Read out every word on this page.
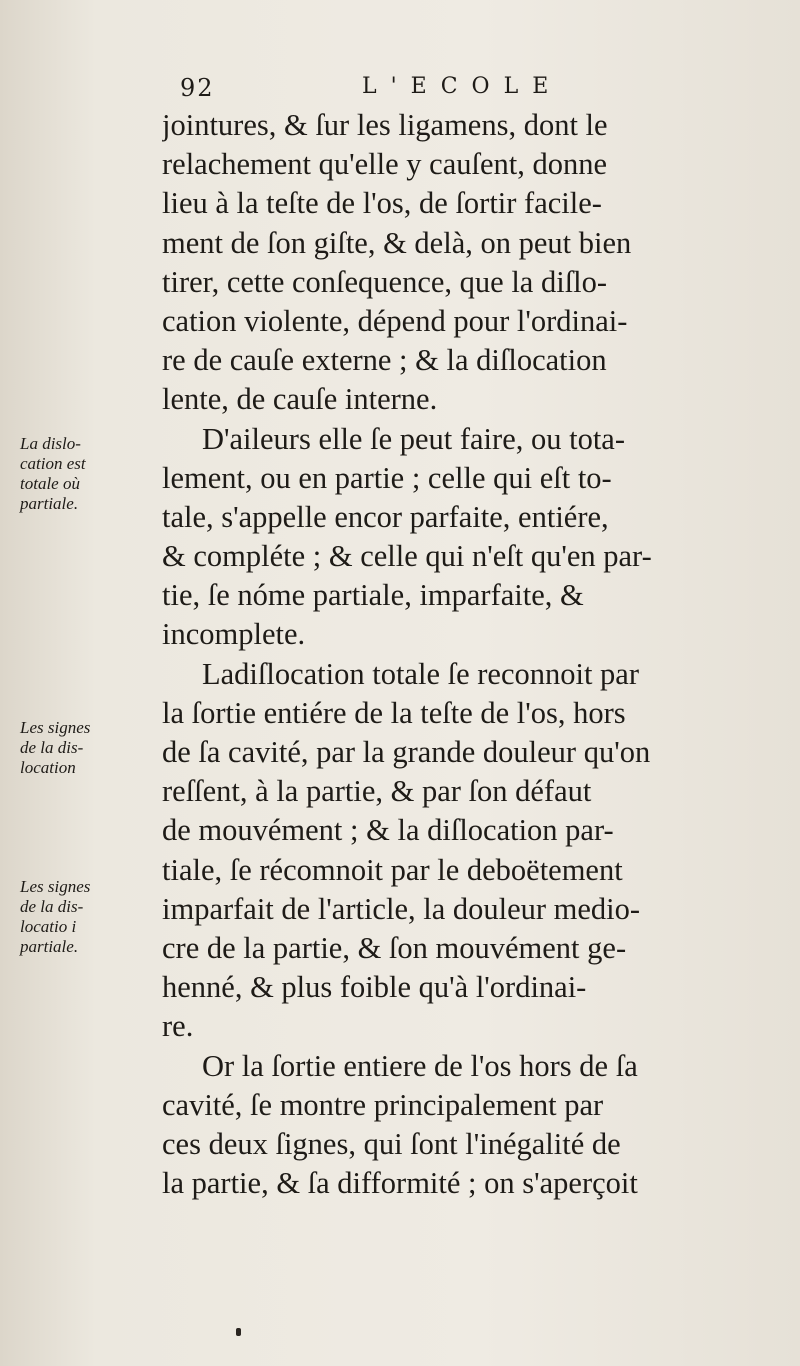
92	L'ECOLE
La dislo-
cation est
totale où
partiale.
Les signes
de la dis-
location
Les signes
de la dis-
locatio i
partiale.
jointures, & ſur les ligamens, dont le
relachement qu'elle y cauſent, donne
lieu à la teſte de l'os, de ſortir facile-
ment de ſon giſte, & delà, on peut bien
tirer, cette conſequence, que la diſlo-
cation violente, dépend pour l'ordinai-
re de cauſe externe ; & la diſlocation
lente, de cauſe interne.
D'aileurs elle ſe peut faire, ou tota-
lement, ou en partie ; celle qui eſt to-
tale, s'appelle encor parfaite, entiére,
& compléte ; & celle qui n'eſt qu'en par-
tie, ſe nóme partiale, imparfaite, &
incomplete.
Ladiſlocation totale ſe reconnoit par
la ſortie entiére de la teſte de l'os, hors
de ſa cavité, par la grande douleur qu'on
reſſent, à la partie, & par ſon défaut
de mouvément ; & la diſlocation par-
tiale, ſe récomnoit par le deboëtement
imparfait de l'article, la douleur medio-
cre de la partie, & ſon mouvément ge-
henné, & plus foible qu'à l'ordinai-
re.
Or la ſortie entiere de l'os hors de ſa
cavité, ſe montre principalement par
ces deux ſignes, qui ſont l'inégalité de
la partie, & ſa difformité ; on s'aperçoit
